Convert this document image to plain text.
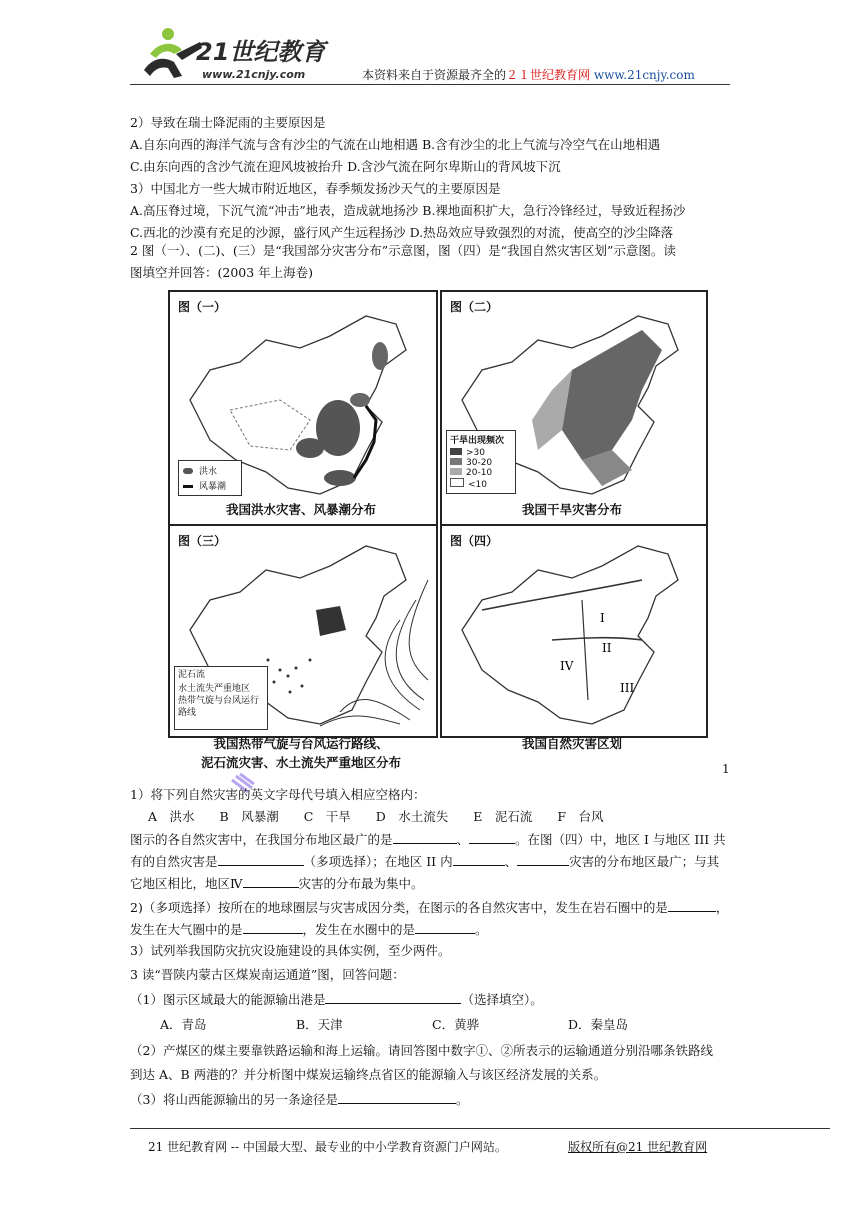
21世纪教育
www.21cnjy.com	本资料来自于资源最齐全的２１世纪教育网 www.21cnjy.com
2）导致在瑞士降泥雨的主要原因是
A.自东向西的海洋气流与含有沙尘的气流在山地相遇 B.含有沙尘的北上气流与冷空气在山地相遇
C.由东向西的含沙气流在迎风坡被抬升 D.含沙气流在阿尔卑斯山的背风坡下沉
3）中国北方一些大城市附近地区，春季频发扬沙天气的主要原因是
A.高压脊过境，下沉气流“冲击”地表，造成就地扬沙 B.裸地面积扩大，急行冷锋经过，导致近程扬沙
C.西北的沙漠有充足的沙源，盛行风产生远程扬沙 D.热岛效应导致强烈的对流，使高空的沙尘降落
2 图（一）、(二)、(三）是“我国部分灾害分布”示意图，图（四）是“我国自然灾害区划”示意图。读
图填空并回答：(2003 年上海卷)
图（一）
洪水
风暴潮
我国洪水灾害、风暴潮分布
图（二）
干旱出现频次
>30
30-20
20-10
<10
我国干旱灾害分布
图（三）
泥石流
水土流失严重地区
热带气旋与台风运行路线
我国热带气旋与台风运行路线、
泥石流灾害、水土流失严重地区分布
图（四）
I
II
III
IV
我国自然灾害区划
1
1）将下列自然灾害的英文字母代号填入相应空格内：
A　洪水　　B　风暴潮　　C　干旱　　D　水土流失　　E　泥石流　　F　台风
图示的各自然灾害中，在我国分布地区最广的是	、	。在图（四）中，地区 I 与地区 III 共
有的自然灾害是	（多项选择）；在地区 II 内	、	灾害的分布地区最广；与其
它地区相比，地区Ⅳ	灾害的分布最为集中。
2)（多项选择）按所在的地球圈层与灾害成因分类，在图示的各自然灾害中，发生在岩石圈中的是	，
发生在大气圈中的是	，发生在水圈中的是	。
3）试列举我国防灾抗灾设施建设的具体实例，至少两件。
3 读“晋陕内蒙古区煤炭南运通道”图，回答问题：
（1）图示区域最大的能源输出港是	（选择填空）。
A．青岛	B．天津	C．黄骅	D．秦皇岛
（2）产煤区的煤主要靠铁路运输和海上运输。请回答图中数字①、②所表示的运输通道分别沿哪条铁路线
到达 A、B 两港的？并分析图中煤炭运输终点省区的能源输入与该区经济发展的关系。
（3）将山西能源输出的另一条途径是	。
21 世纪教育网 -- 中国最大型、最专业的中小学教育资源门户网站。	版权所有@21 世纪教育网
